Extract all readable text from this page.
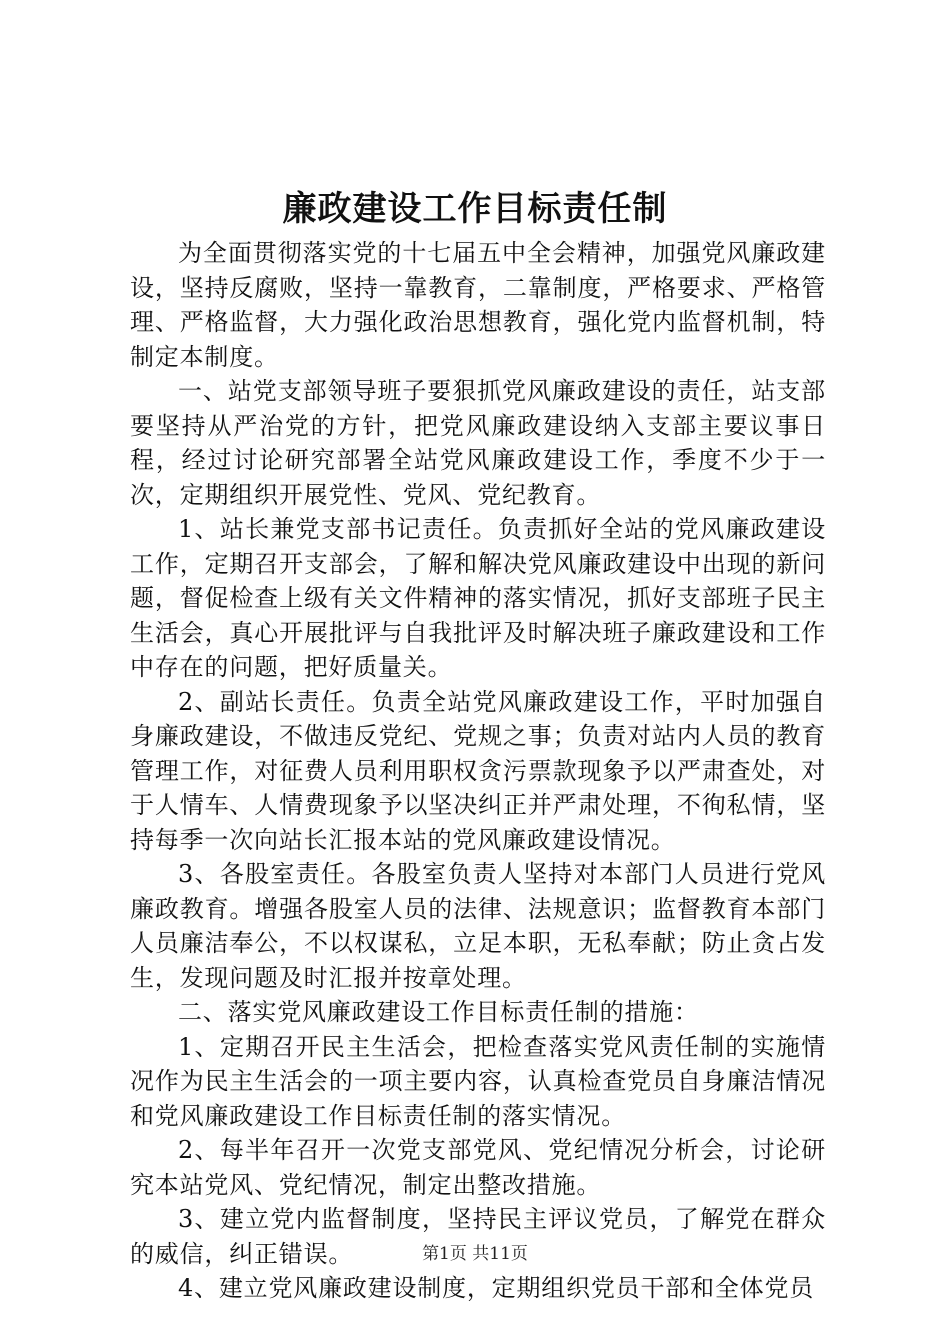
廉政建设工作目标责任制

为全面贯彻落实党的十七届五中全会精神，加强党风廉政建设，坚持反腐败，坚持一靠教育，二靠制度，严格要求、严格管理、严格监督，大力强化政治思想教育，强化党内监督机制，特制定本制度。

一、站党支部领导班子要狠抓党风廉政建设的责任，站支部要坚持从严治党的方针，把党风廉政建设纳入支部主要议事日程，经过讨论研究部署全站党风廉政建设工作，季度不少于一次，定期组织开展党性、党风、党纪教育。

1、站长兼党支部书记责任。负责抓好全站的党风廉政建设工作，定期召开支部会，了解和解决党风廉政建设中出现的新问题，督促检查上级有关文件精神的落实情况，抓好支部班子民主生活会，真心开展批评与自我批评及时解决班子廉政建设和工作中存在的问题，把好质量关。

2、副站长责任。负责全站党风廉政建设工作，平时加强自身廉政建设，不做违反党纪、党规之事；负责对站内人员的教育管理工作，对征费人员利用职权贪污票款现象予以严肃查处，对于人情车、人情费现象予以坚决纠正并严肃处理，不徇私情，坚持每季一次向站长汇报本站的党风廉政建设情况。

3、各股室责任。各股室负责人坚持对本部门人员进行党风廉政教育。增强各股室人员的法律、法规意识；监督教育本部门人员廉洁奉公，不以权谋私，立足本职，无私奉献；防止贪占发生，发现问题及时汇报并按章处理。

二、落实党风廉政建设工作目标责任制的措施：

1、定期召开民主生活会，把检查落实党风责任制的实施情况作为民主生活会的一项主要内容，认真检查党员自身廉洁情况和党风廉政建设工作目标责任制的落实情况。

2、每半年召开一次党支部党风、党纪情况分析会，讨论研究本站党风、党纪情况，制定出整改措施。

3、建立党内监督制度，坚持民主评议党员，了解党在群众的威信，纠正错误。

4、建立党风廉政建设制度，定期组织党员干部和全体党员

第1页 共11页
